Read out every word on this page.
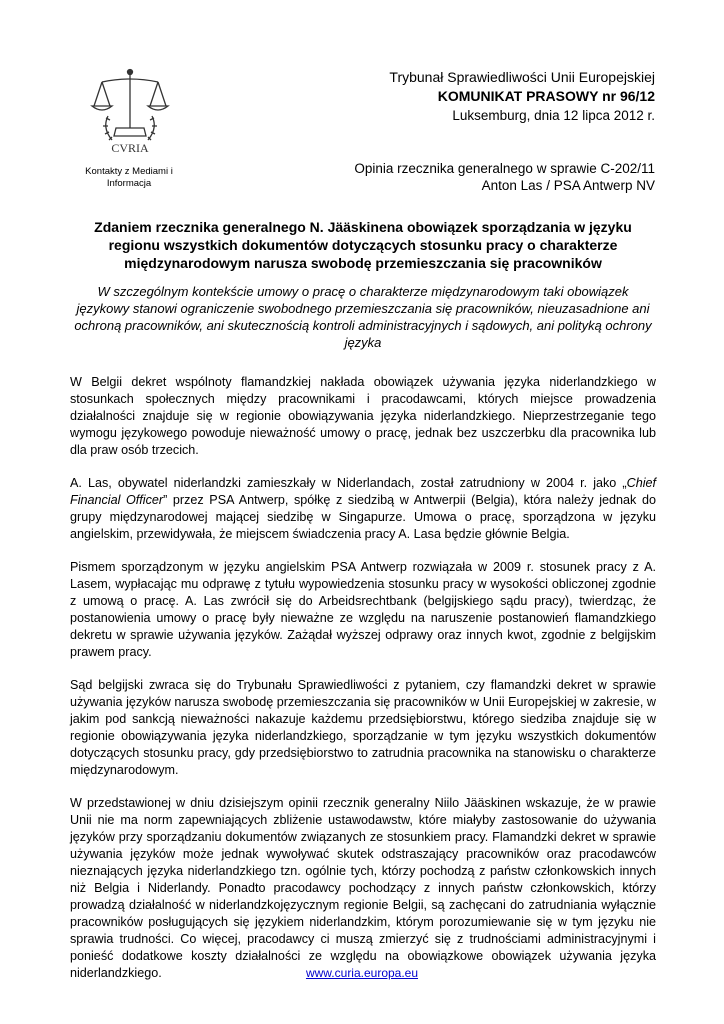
CVRIA
Kontakty z Mediami i Informacja
Trybunał Sprawiedliwości Unii Europejskiej
KOMUNIKAT PRASOWY nr 96/12
Luksemburg, dnia 12 lipca 2012 r.
Opinia rzecznika generalnego w sprawie C-202/11
Anton Las / PSA Antwerp NV
Zdaniem rzecznika generalnego N. Jääskinena obowiązek sporządzania w języku regionu wszystkich dokumentów dotyczących stosunku pracy o charakterze międzynarodowym narusza swobodę przemieszczania się pracowników
W szczególnym kontekście umowy o pracę o charakterze międzynarodowym taki obowiązek językowy stanowi ograniczenie swobodnego przemieszczania się pracowników, nieuzasadnione ani ochroną pracowników, ani skutecznością kontroli administracyjnych i sądowych, ani polityką ochrony języka

W Belgii dekret wspólnoty flamandzkiej nakłada obowiązek używania języka niderlandzkiego w stosunkach społecznych między pracownikami i pracodawcami, których miejsce prowadzenia działalności znajduje się w regionie obowiązywania języka niderlandzkiego. Nieprzestrzeganie tego wymogu językowego powoduje nieważność umowy o pracę, jednak bez uszczerbku dla pracownika lub dla praw osób trzecich.

A. Las, obywatel niderlandzki zamieszkały w Niderlandach, został zatrudniony w 2004 r. jako „Chief Financial Officer” przez PSA Antwerp, spółkę z siedzibą w Antwerpii (Belgia), która należy jednak do grupy międzynarodowej mającej siedzibę w Singapurze. Umowa o pracę, sporządzona w języku angielskim, przewidywała, że miejscem świadczenia pracy A. Lasa będzie głównie Belgia.

Pismem sporządzonym w języku angielskim PSA Antwerp rozwiązała w 2009 r. stosunek pracy z A. Lasem, wypłacając mu odprawę z tytułu wypowiedzenia stosunku pracy w wysokości obliczonej zgodnie z umową o pracę. A. Las zwrócił się do Arbeidsrechtbank (belgijskiego sądu pracy), twierdząc, że postanowienia umowy o pracę były nieważne ze względu na naruszenie postanowień flamandzkiego dekretu w sprawie używania języków. Zażądał wyższej odprawy oraz innych kwot, zgodnie z belgijskim prawem pracy.

Sąd belgijski zwraca się do Trybunału Sprawiedliwości z pytaniem, czy flamandzki dekret w sprawie używania języków narusza swobodę przemieszczania się pracowników w Unii Europejskiej w zakresie, w jakim pod sankcją nieważności nakazuje każdemu przedsiębiorstwu, którego siedziba znajduje się w regionie obowiązywania języka niderlandzkiego, sporządzanie w tym języku wszystkich dokumentów dotyczących stosunku pracy, gdy przedsiębiorstwo to zatrudnia pracownika na stanowisku o charakterze międzynarodowym.

W przedstawionej w dniu dzisiejszym opinii rzecznik generalny Niilo Jääskinen wskazuje, że w prawie Unii nie ma norm zapewniających zbliżenie ustawodawstw, które miałyby zastosowanie do używania języków przy sporządzaniu dokumentów związanych ze stosunkiem pracy. Flamandzki dekret w sprawie używania języków może jednak wywoływać skutek odstraszający pracowników oraz pracodawców nieznających języka niderlandzkiego tzn. ogólnie tych, którzy pochodzą z państw członkowskich innych niż Belgia i Niderlandy. Ponadto pracodawcy pochodzący z innych państw członkowskich, którzy prowadzą działalność w niderlandzkojęzycznym regionie Belgii, są zachęcani do zatrudniania wyłącznie pracowników posługujących się językiem niderlandzkim, którym porozumiewanie się w tym języku nie sprawia trudności. Co więcej, pracodawcy ci muszą zmierzyć się z trudnościami administracyjnymi i ponieść dodatkowe koszty działalności ze względu na obowiązkowe obowiązek używania języka niderlandzkiego.	www.curia.europa.eu
